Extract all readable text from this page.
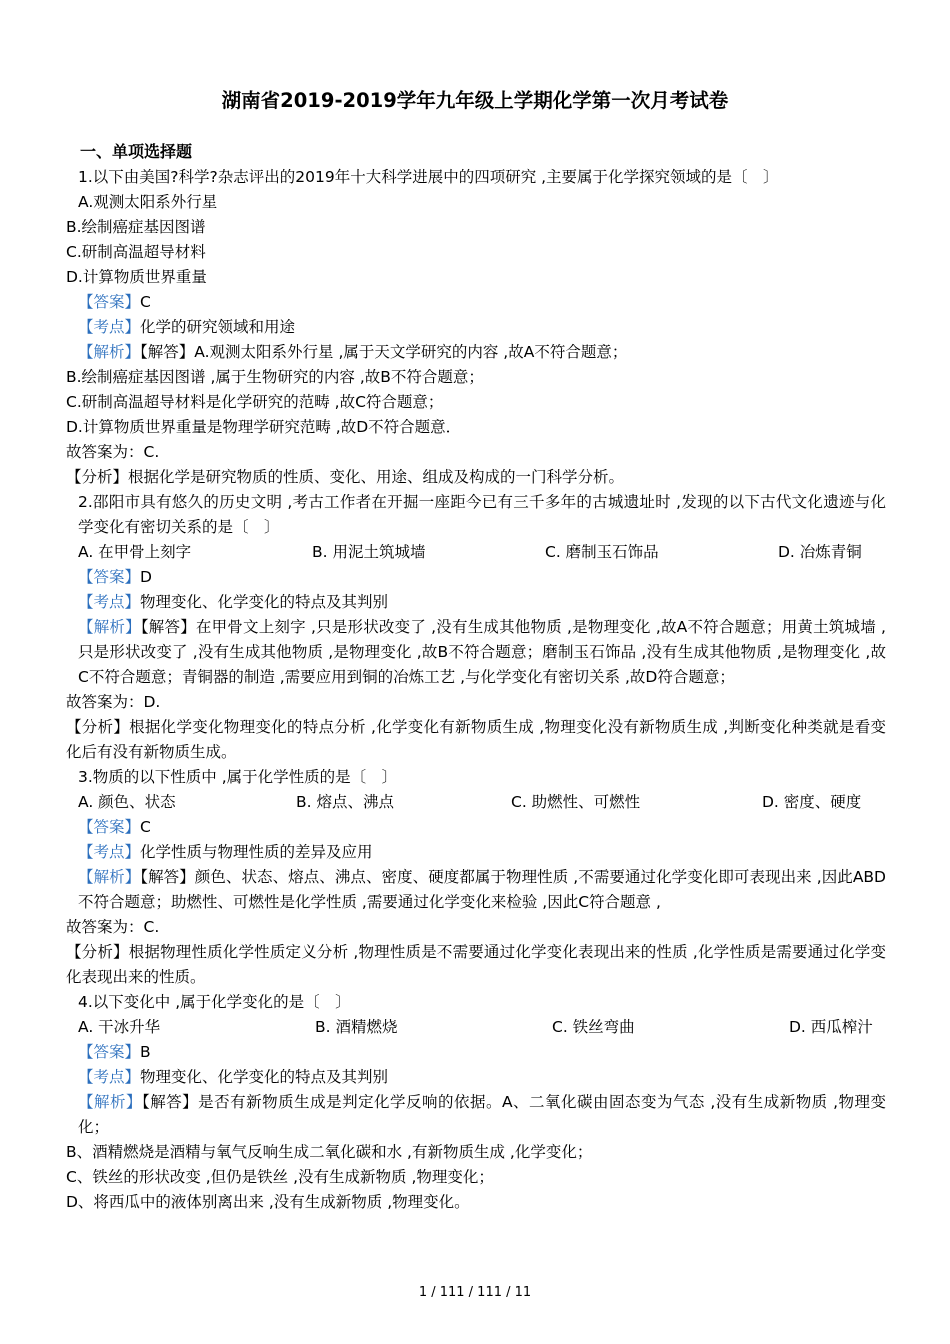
湖南省2019-2019学年九年级上学期化学第一次月考试卷
一、单项选择题
1.以下由美国?科学?杂志评出的2019年十大科学进展中的四项研究 ,主要属于化学探究领域的是〔　〕
A.观测太阳系外行星
B.绘制癌症基因图谱
C.研制高温超导材料
D.计算物质世界重量
【答案】C
【考点】化学的研究领域和用途
【解析】【解答】A.观测太阳系外行星 ,属于天文学研究的内容 ,故A不符合题意；
B.绘制癌症基因图谱 ,属于生物研究的内容 ,故B不符合题意；
C.研制高温超导材料是化学研究的范畴 ,故C符合题意；
D.计算物质世界重量是物理学研究范畴 ,故D不符合题意．
故答案为：C.
【分析】根据化学是研究物质的性质、变化、用途、组成及构成的一门科学分析。
2.邵阳市具有悠久的历史文明 ,考古工作者在开掘一座距今已有三千多年的古城遗址时 ,发现的以下古代文化遗迹与化学变化有密切关系的是〔　〕
A. 在甲骨上刻字	B. 用泥土筑城墙	C. 磨制玉石饰品	D. 冶炼青铜
【答案】D
【考点】物理变化、化学变化的特点及其判别
【解析】【解答】在甲骨文上刻字 ,只是形状改变了 ,没有生成其他物质 ,是物理变化 ,故A不符合题意；用黄土筑城墙 ,只是形状改变了 ,没有生成其他物质 ,是物理变化 ,故B不符合题意；磨制玉石饰品 ,没有生成其他物质 ,是物理变化 ,故C不符合题意；青铜器的制造 ,需要应用到铜的冶炼工艺 ,与化学变化有密切关系 ,故D符合题意；
故答案为：D.
【分析】根据化学变化物理变化的特点分析 ,化学变化有新物质生成 ,物理变化没有新物质生成 ,判断变化种类就是看变化后有没有新物质生成。
3.物质的以下性质中 ,属于化学性质的是〔　〕
A. 颜色、状态	B. 熔点、沸点	C. 助燃性、可燃性	D. 密度、硬度
【答案】C
【考点】化学性质与物理性质的差异及应用
【解析】【解答】颜色、状态、熔点、沸点、密度、硬度都属于物理性质 ,不需要通过化学变化即可表现出来 ,因此ABD不符合题意；助燃性、可燃性是化学性质 ,需要通过化学变化来检验 ,因此C符合题意 ,
故答案为：C.
【分析】根据物理性质化学性质定义分析 ,物理性质是不需要通过化学变化表现出来的性质 ,化学性质是需要通过化学变化表现出来的性质。
4.以下变化中 ,属于化学变化的是〔　〕
A. 干冰升华	B. 酒精燃烧	C. 铁丝弯曲	D. 西瓜榨汁
【答案】B
【考点】物理变化、化学变化的特点及其判别
【解析】【解答】是否有新物质生成是判定化学反响的依据。A、二氧化碳由固态变为气态 ,没有生成新物质 ,物理变化；
B、酒精燃烧是酒精与氧气反响生成二氧化碳和水 ,有新物质生成 ,化学变化；
C、铁丝的形状改变 ,但仍是铁丝 ,没有生成新物质 ,物理变化；
D、将西瓜中的液体别离出来 ,没有生成新物质 ,物理变化。
1 / 111 / 111 / 11
